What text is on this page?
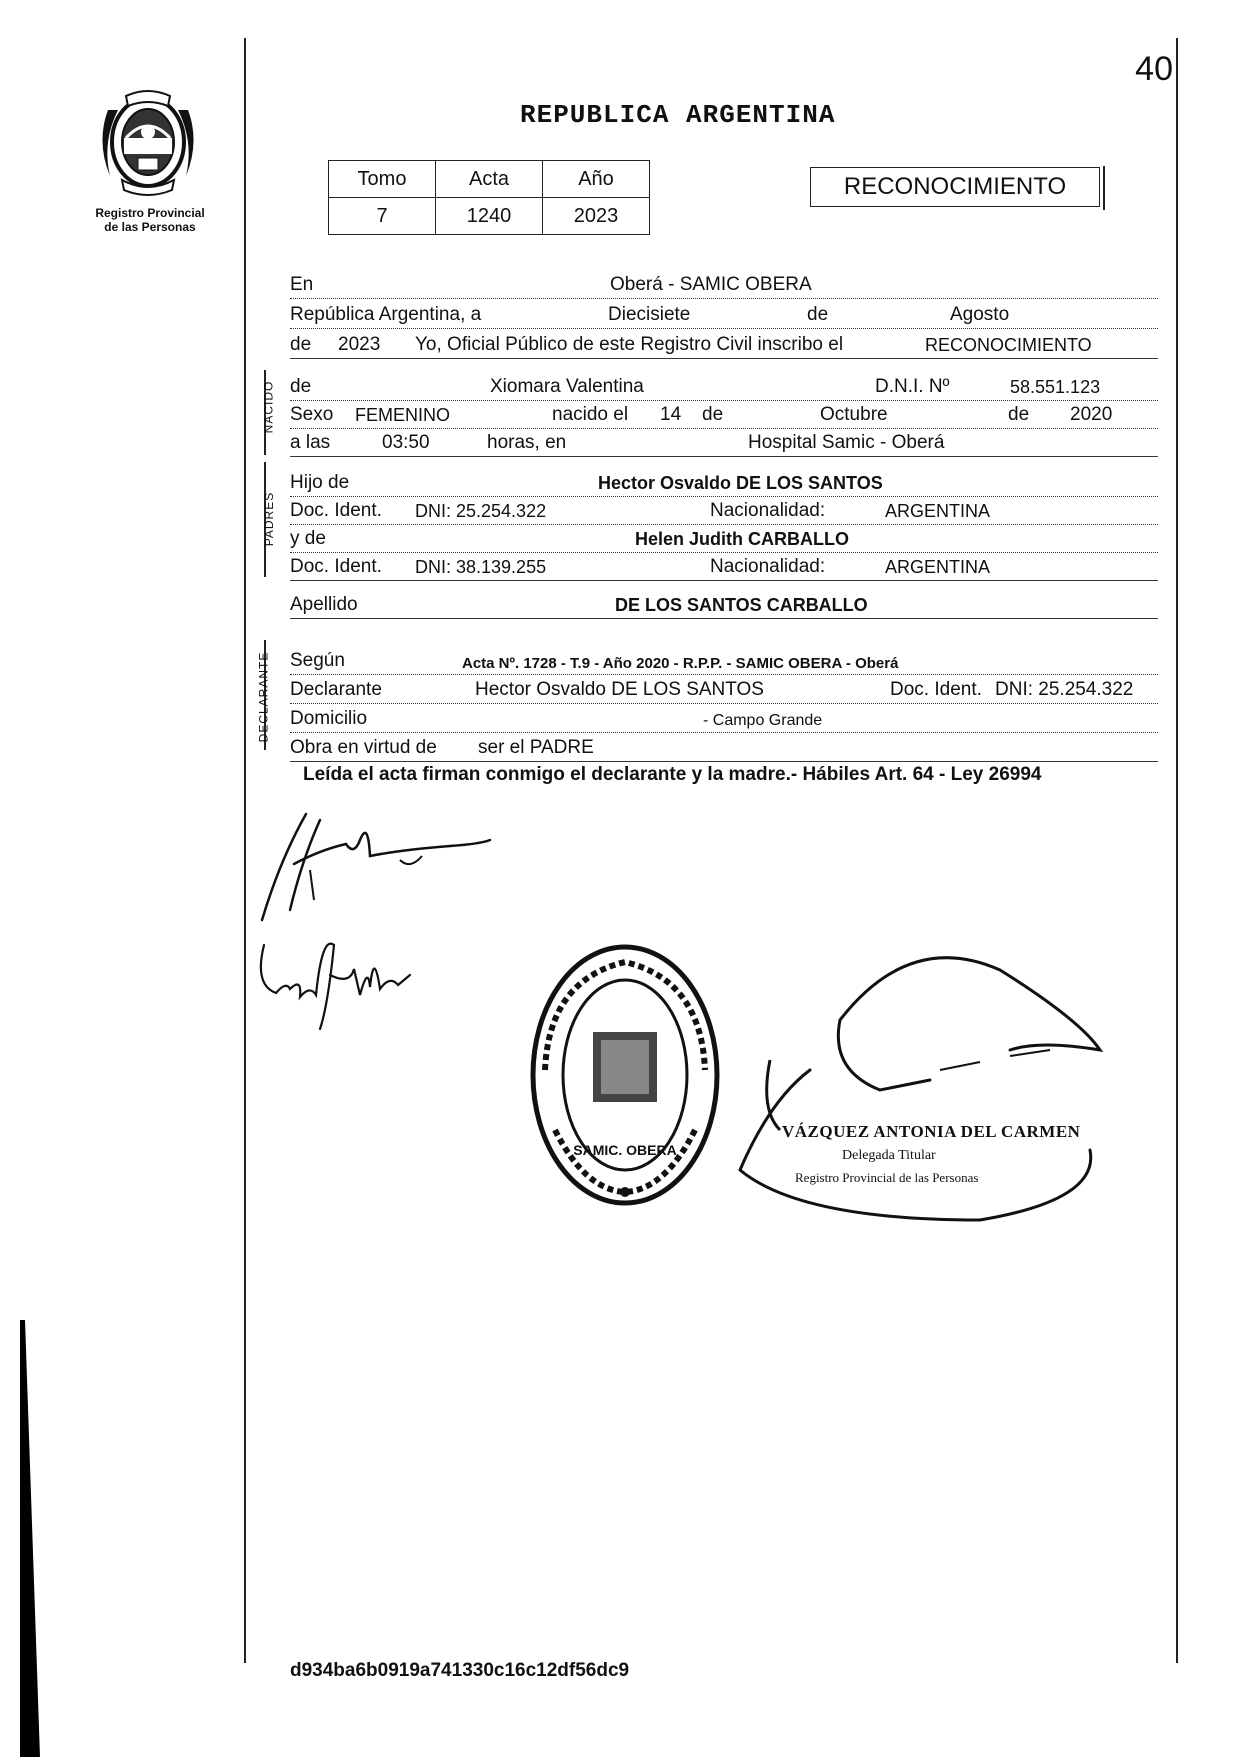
40
REPUBLICA ARGENTINA
Registro Provincial
de las Personas
Tomo	Acta	Año
7	1240	2023
RECONOCIMIENTO
En	Oberá - SAMIC OBERA
República Argentina, a	Diecisiete	de	Agosto
de 2023 Yo, Oficial Público de este Registro Civil inscribo el	RECONOCIMIENTO
NACIDO de	Xiomara Valentina	D.N.I. Nº	58.551.123
Sexo FEMENINO	nacido el 14 de	Octubre	de 2020
a las	03:50	horas, en	Hospital Samic - Oberá
PADRES
Hijo de	Hector Osvaldo DE LOS SANTOS
Doc. Ident. DNI: 25.254.322	Nacionalidad:	ARGENTINA
y de	Helen Judith CARBALLO
Doc. Ident. DNI: 38.139.255	Nacionalidad:	ARGENTINA
Apellido	DE LOS SANTOS CARBALLO
DECLARANTE Según	Acta Nº. 1728 - T.9 - Año 2020 - R.P.P. - SAMIC OBERA - Oberá
Declarante	Hector Osvaldo DE LOS SANTOS	Doc. Ident. DNI: 25.254.322
Domicilio	- Campo Grande
Obra en virtud de ser el PADRE
Leída el acta firman conmigo el declarante y la madre.- Hábiles Art. 64 - Ley 26994
SAMIC. OBERA
VÁZQUEZ ANTONIA DEL CARMEN
Delegada Titular
Registro Provincial de las Personas
d934ba6b0919a741330c16c12df56dc9
